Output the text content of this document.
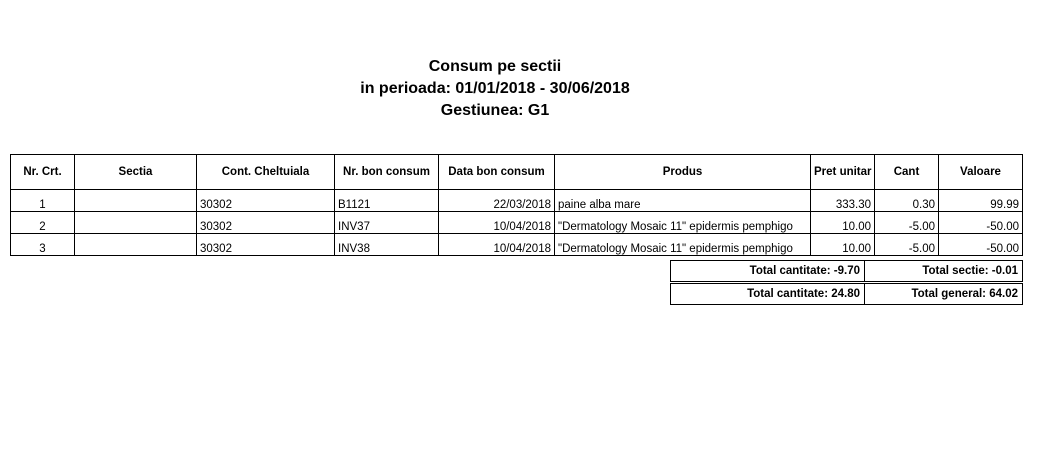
Consum pe sectii
in perioada: 01/01/2018 - 30/06/2018
Gestiunea: G1
Nr. Crt.	Sectia	Cont. Cheltuiala	Nr. bon consum	Data bon consum	Produs	Pret unitar	Cant	Valoare
1		30302	B1121	22/03/2018	paine alba mare	333.30	0.30	99.99
2		30302	INV37	10/04/2018	"Dermatology Mosaic 11" epidermis pemphigo	10.00	-5.00	-50.00
3		30302	INV38	10/04/2018	"Dermatology Mosaic 11" epidermis pemphigo	10.00	-5.00	-50.00
Total cantitate: -9.70	Total sectie: -0.01

Total cantitate: 24.80	Total general: 64.02
